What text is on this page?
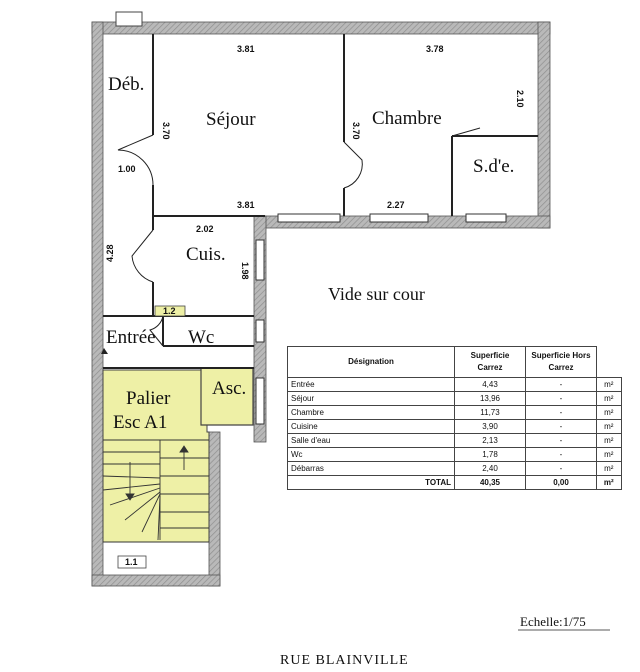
1.2
1.1
Déb.
Séjour	Chambre
S.d'e.
Cuis.
Entrée Wc
Palier
Esc A1
Asc.
3.81	3.78
2.10
3.70	3.70
1.00
3.81	2.27
2.02
4.28
1.98
Vide sur cour
Echelle:1/75
RUE BLAINVILLE
Désignation	Superficie Carrez	Superficie Hors Carrez	
Entrée	4,43	-	m²
Séjour	13,96	-	m²
Chambre	11,73	-	m²
Cuisine	3,90	-	m²
Salle d'eau	2,13	-	m²
Wc	1,78	-	m²
Débarras	2,40	-	m²
TOTAL	40,35	0,00	m²
